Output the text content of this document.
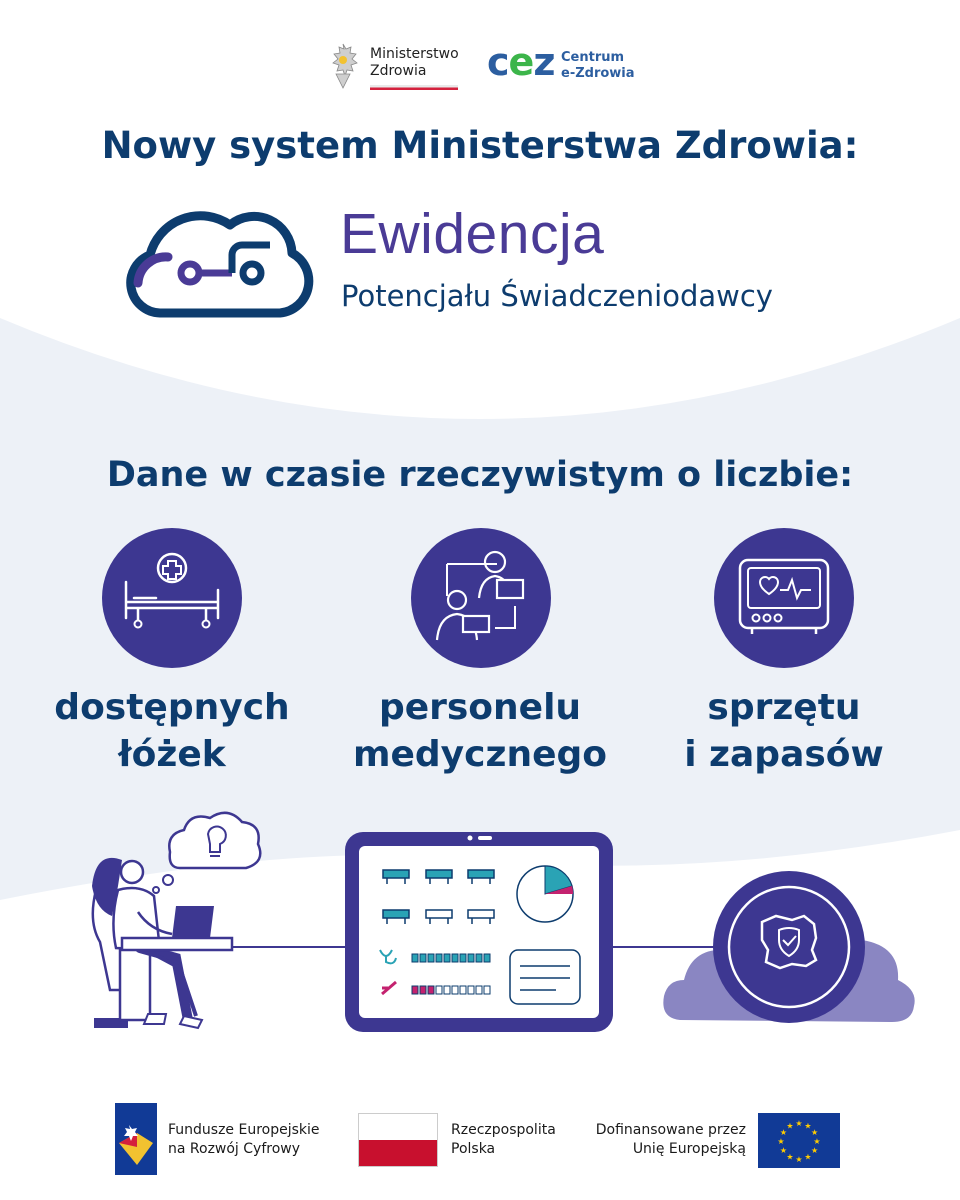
Ministerstwo
Zdrowia	cez Centrum
e-Zdrowia
Nowy system Ministerstwa Zdrowia:
Ewidencja
Potencjału Świadczeniodawcy
Dane w czasie rzeczywistym o liczbie:
dostępnych
łóżek
personelu
medycznego
sprzętu
i zapasów
Fundusze Europejskie
na Rozwój Cyfrowy
Rzeczpospolita
Polska
Dofinansowane przez
Unię Europejską
★ ★
★
★
★
★
★
★
★
★
★
★
